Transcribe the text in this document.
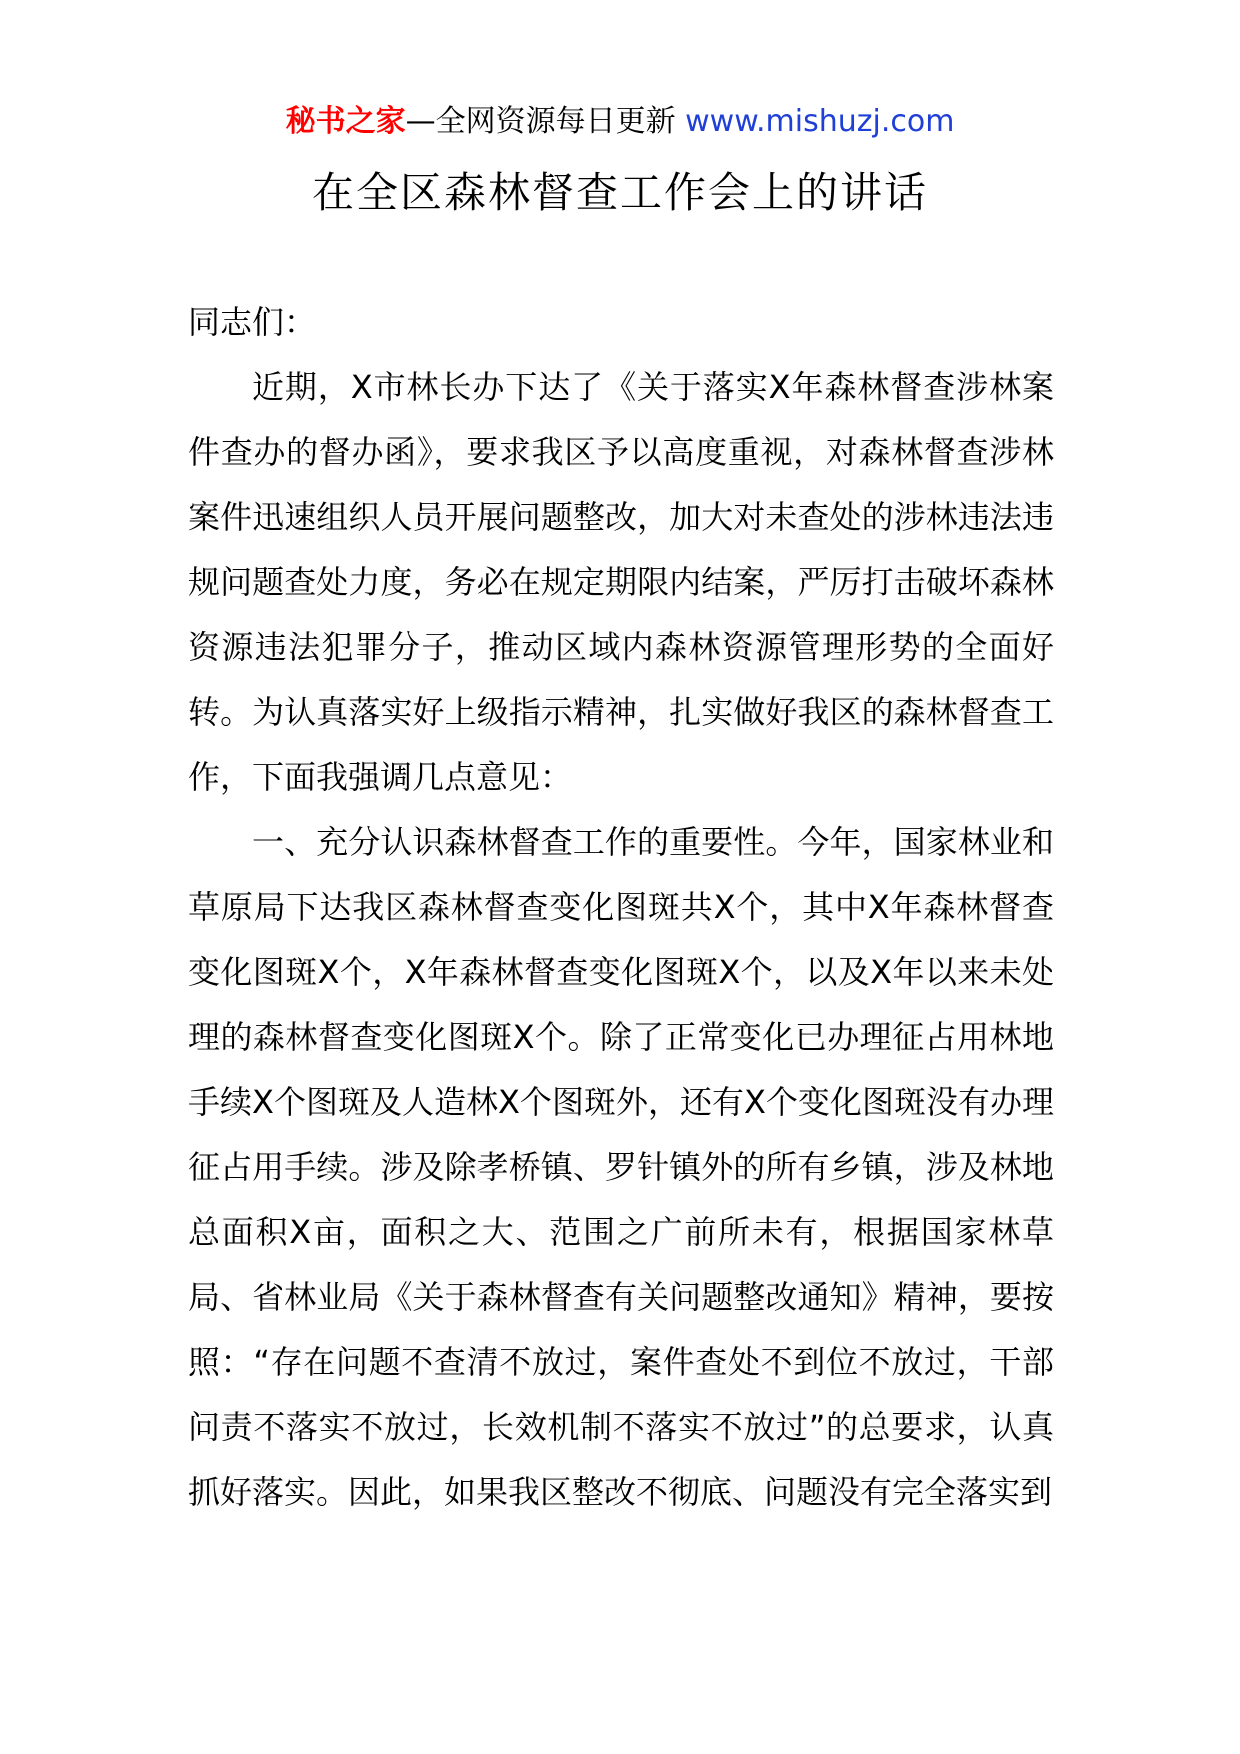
秘书之家—全网资源每日更新 www.mishuzj.com
在全区森林督查工作会上的讲话

同志们：

近期，X市林长办下达了《关于落实X年森林督查涉林案件查办的督办函》，要求我区予以高度重视，对森林督查涉林案件迅速组织人员开展问题整改，加大对未查处的涉林违法违规问题查处力度，务必在规定期限内结案，严厉打击破坏森林资源违法犯罪分子，推动区域内森林资源管理形势的全面好转。为认真落实好上级指示精神，扎实做好我区的森林督查工作，下面我强调几点意见：

一、充分认识森林督查工作的重要性。今年，国家林业和草原局下达我区森林督查变化图斑共X个，其中X年森林督查变化图斑X个，X年森林督查变化图斑X个，以及X年以来未处理的森林督查变化图斑X个。除了正常变化已办理征占用林地手续X个图斑及人造林X个图斑外，还有X个变化图斑没有办理征占用手续。涉及除孝桥镇、罗针镇外的所有乡镇，涉及林地总面积X亩，面积之大、范围之广前所未有，根据国家林草局、省林业局《关于森林督查有关问题整改通知》精神，要按照：“存在问题不查清不放过，案件查处不到位不放过，干部问责不落实不放过，长效机制不落实不放过”的总要求，认真抓好落实。因此，如果我区整改不彻底、问题没有完全落实到
